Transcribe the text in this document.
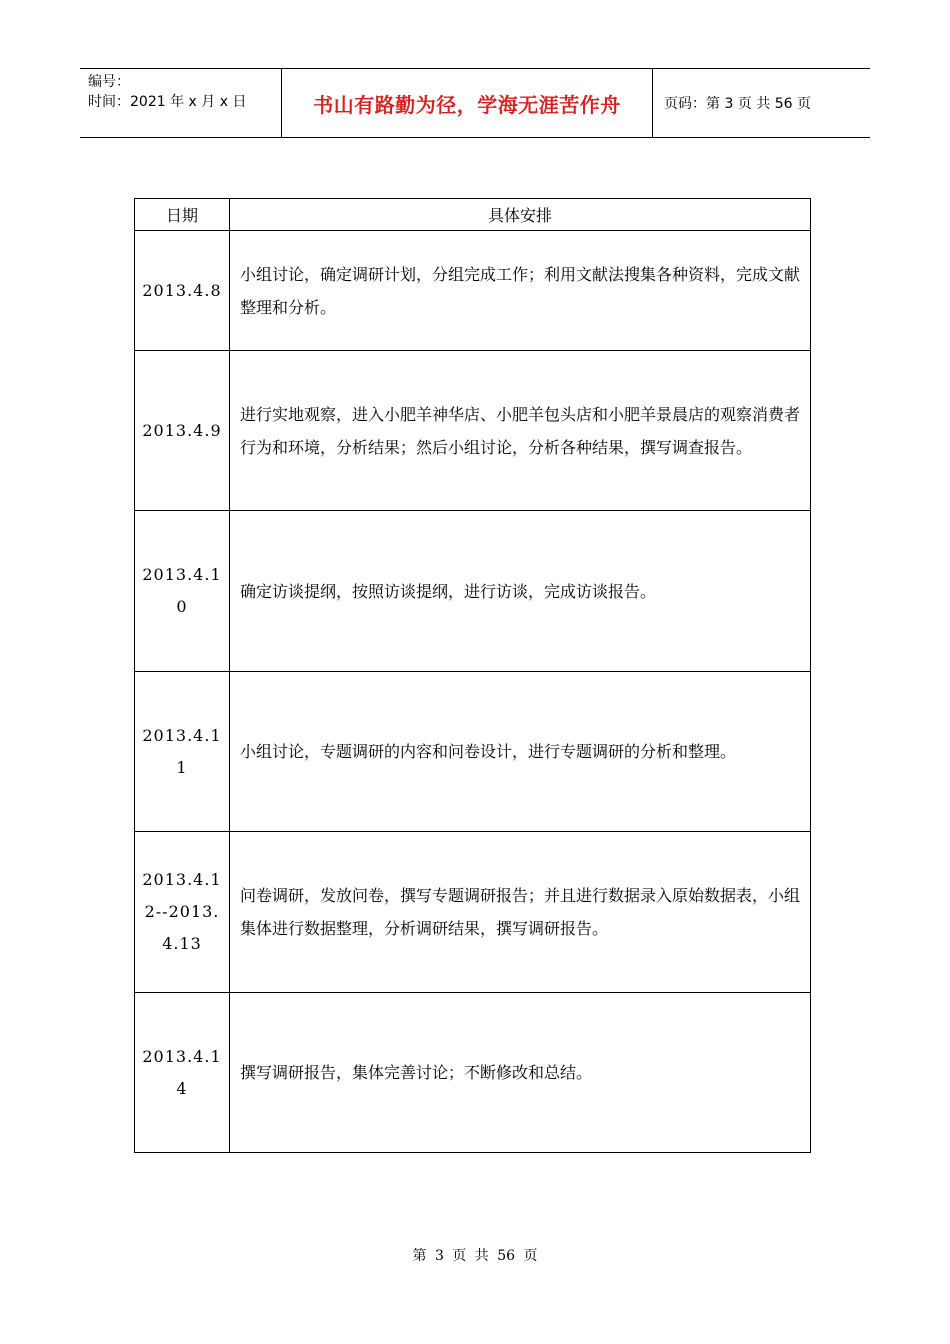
编号：
时间：2021 年 x 月 x 日	书山有路勤为径，学海无涯苦作舟	页码：第 3 页 共 56 页
日期	具体安排
2013.4.8	小组讨论，确定调研计划，分组完成工作；利用文献法搜集各种资料，完成文献整理和分析。
2013.4.9	进行实地观察，进入小肥羊神华店、小肥羊包头店和小肥羊景晨店的观察消费者行为和环境，分析结果；然后小组讨论，分析各种结果，撰写调查报告。
2013.4.10	确定访谈提纲，按照访谈提纲，进行访谈，完成访谈报告。
2013.4.11	小组讨论，专题调研的内容和问卷设计，进行专题调研的分析和整理。
2013.4.12--2013.4.13	问卷调研，发放问卷，撰写专题调研报告；并且进行数据录入原始数据表，小组集体进行数据整理，分析调研结果，撰写调研报告。
2013.4.14	撰写调研报告，集体完善讨论；不断修改和总结。
第 3 页 共 56 页
